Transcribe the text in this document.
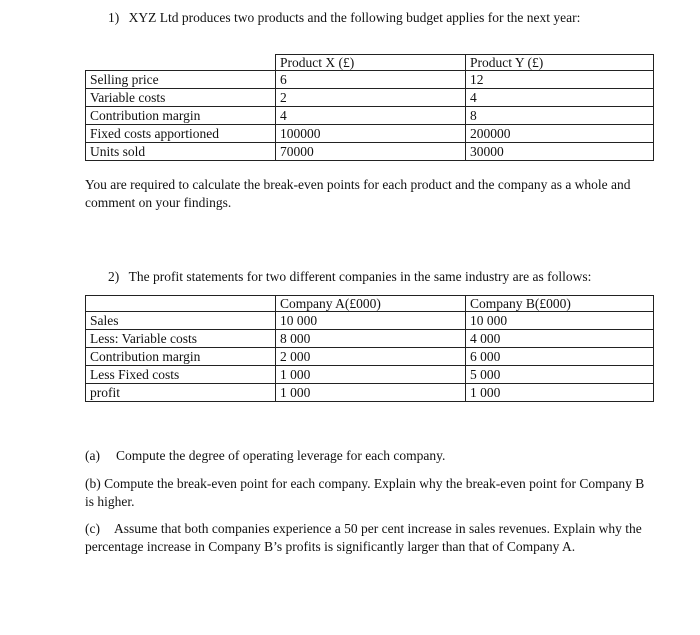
1) XYZ Ltd produces two products and the following budget applies for the next year:
	Product X (£)	Product Y (£)
Selling price	6	12
Variable costs	2	4
Contribution margin	4	8
Fixed costs apportioned	100000	200000
Units sold	70000	30000
You are required to calculate the break-even points for each product and the company as a whole and comment on your findings.
2) The profit statements for two different companies in the same industry are as follows:
	Company A(£000)	Company B(£000)
Sales	10 000	10 000
Less: Variable costs	8 000	4 000
Contribution margin	2 000	6 000
Less Fixed costs	1 000	5 000
profit	1 000	1 000
(a) Compute the degree of operating leverage for each company.
(b) Compute the break-even point for each company. Explain why the break-even point for Company B is higher.
(c) Assume that both companies experience a 50 per cent increase in sales revenues. Explain why the percentage increase in Company B’s profits is significantly larger than that of Company A.
